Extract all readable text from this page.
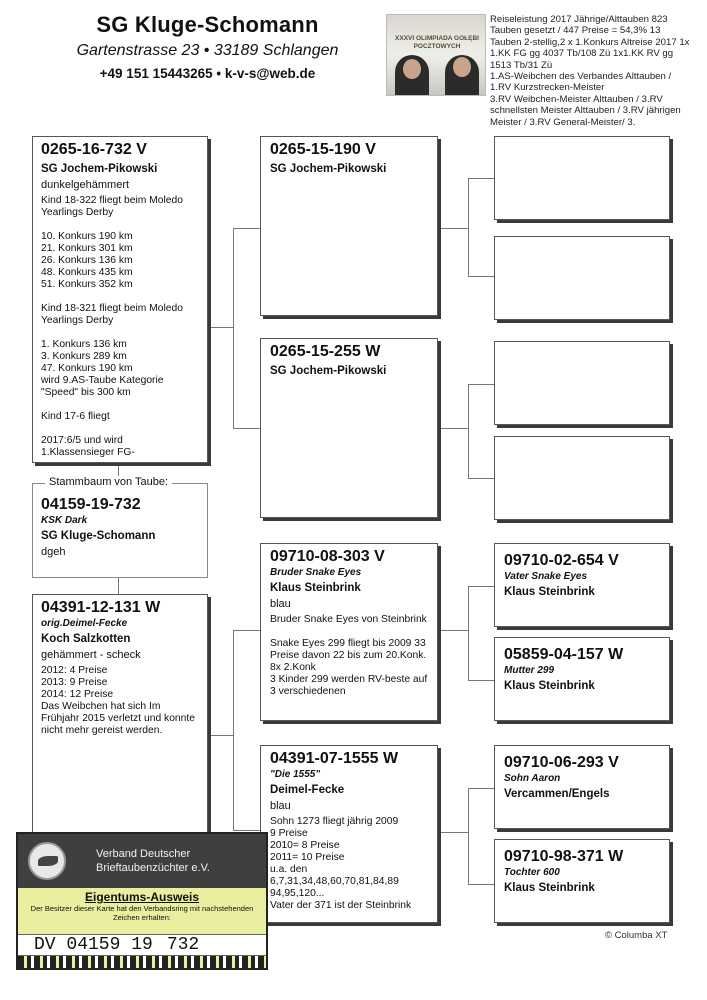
SG Kluge-Schomann
Gartenstrasse 23 • 33189 Schlangen
+49 151 15443265 • k-v-s@web.de
XXXVI OLIMPIADA GOŁĘBI POCZTOWYCH
Reiseleistung 2017 Jährige/Alttauben 823 Tauben gesetzt / 447 Preise = 54,3% 13 Tauben 2-stellig,2 x 1.Konkurs Altreise 2017 1x 1.KK FG gg 4037 Tb/108 Zü 1x1.KK RV gg 1513 Tb/31 Zü
1.AS-Weibchen des Verbandes Alttauben / 1.RV Kurzstrecken-Meister
3.RV Weibchen-Meister Alttauben / 3.RV schnellsten Meister Alttauben / 3.RV jährigen Meister / 3.RV General-Meister/ 3.
0265-16-732 V
SG Jochem-Pikowski
dunkelgehämmert
Kind 18-322 fliegt beim Moledo Yearlings Derby

10. Konkurs 190 km
21. Konkurs 301 km
26. Konkurs 136 km
48. Konkurs 435 km
51. Konkurs 352 km

Kind 18-321 fliegt beim Moledo Yearlings Derby

1. Konkurs 136 km
3. Konkurs 289 km
47. Konkurs 190 km
wird 9.AS-Taube Kategorie "Speed" bis 300 km

Kind 17-6 fliegt

2017:6/5 und wird
1.Klassensieger FG-
Stammbaum von Taube:
04159-19-732
KSK Dark
SG Kluge-Schomann
dgeh
04391-12-131 W
orig.Deimel-Fecke
Koch Salzkotten
gehämmert - scheck
2012: 4 Preise
2013: 9 Preise
2014: 12 Preise
Das Weibchen hat sich Im Frühjahr 2015 verletzt und konnte nicht mehr gereist werden.
0265-15-190 V
SG Jochem-Pikowski
0265-15-255 W
SG Jochem-Pikowski
09710-08-303 V
Bruder Snake Eyes
Klaus Steinbrink
blau
Bruder Snake Eyes von Steinbrink

Snake Eyes 299 fliegt bis 2009 33 Preise davon 22 bis zum 20.Konk. 8x 2.Konk
3 Kinder 299 werden RV-beste auf 3 verschiedenen
04391-07-1555 W
"Die 1555"
Deimel-Fecke
blau
Sohn 1273 fliegt jährig 2009
9 Preise
2010= 8 Preise
2011= 10 Preise
u.a. den
6,7,31,34,48,60,70,81,84,89
94,95,120...
Vater der 371 ist der Steinbrink
09710-02-654 V
Vater Snake Eyes
Klaus Steinbrink
05859-04-157 W
Mutter 299
Klaus Steinbrink
09710-06-293 V
Sohn Aaron
Vercammen/Engels
09710-98-371 W
Tochter 600
Klaus Steinbrink
Verband Deutscher
Brieftaubenzüchter e.V.
Eigentums-Ausweis
Der Besitzer dieser Karte hat den Verbandsring mit nachstehenden Zeichen erhalten:
DV 04159 19 732	© Columba XT
